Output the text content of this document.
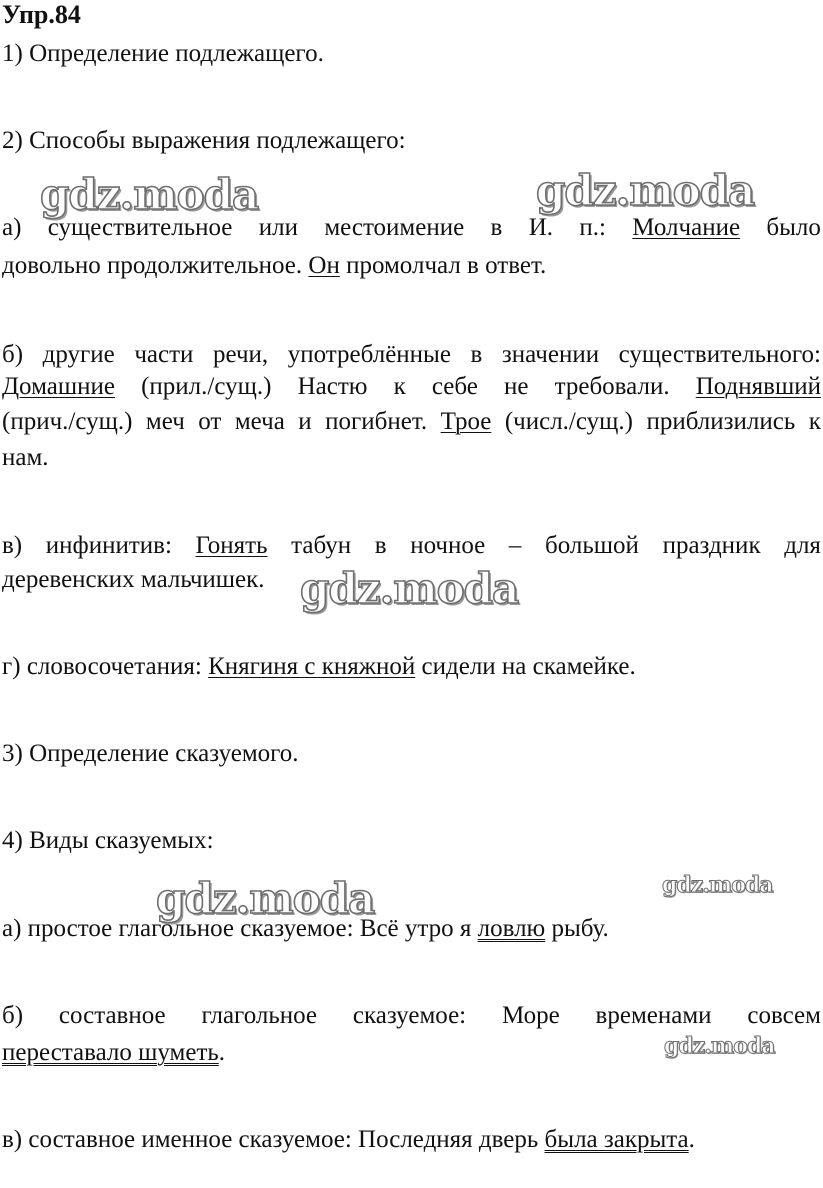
Упр.84
1) Определение подлежащего.
2) Способы выражения подлежащего:
а) существительное или местоимение в И. п.: Молчание было
довольно продолжительное. Он промолчал в ответ.
б) другие части речи, употреблённые в значении существительного:
Домашние (прил./сущ.) Настю к себе не требовали. Поднявший
(прич./сущ.) меч от меча и погибнет. Трое (числ./сущ.) приблизились к
нам.
в) инфинитив: Гонять табун в ночное – большой праздник для
деревенских мальчишек.
г) словосочетания: Княгиня с княжной сидели на скамейке.
3) Определение сказуемого.
4) Виды сказуемых:
а) простое глагольное сказуемое: Всё утро я ловлю рыбу.
б) составное глагольное сказуемое: Море временами совсем
переставало шуметь.
в) составное именное сказуемое: Последняя дверь была закрыта.
gdz.moda	gdz.moda
gdz.moda
gdz.moda	gdz.moda
gdz.moda
